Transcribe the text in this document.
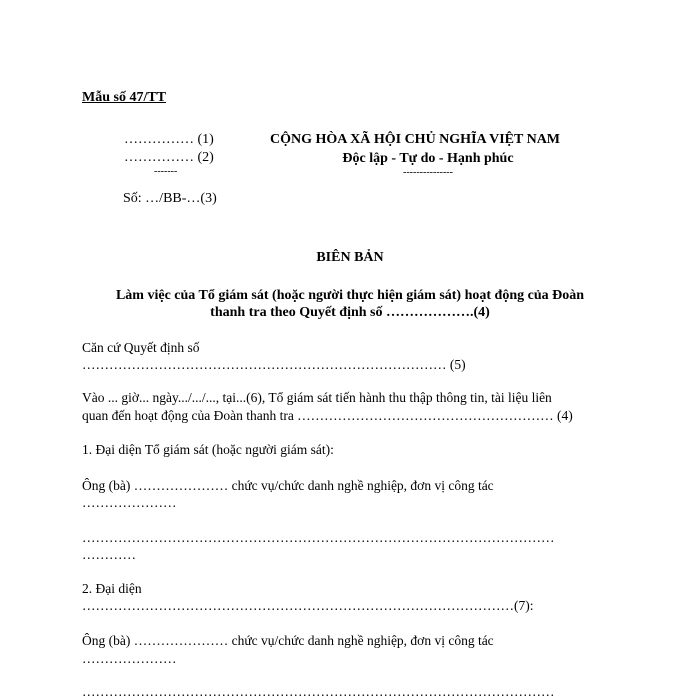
Mẫu số 47/TT
…………… (1)
…………… (2)
-------
Số: …/BB-…(3)
CỘNG HÒA XÃ HỘI CHỦ NGHĨA VIỆT NAM
Độc lập - Tự do - Hạnh phúc
---------------
BIÊN BẢN
Làm việc của Tổ giám sát (hoặc người thực hiện giám sát) hoạt động của Đoàn
thanh tra theo Quyết định số ……………….(4)
Căn cứ Quyết định số
……………………………………………………………………… (5)
Vào ... giờ... ngày.../.../..., tại...(6), Tổ giám sát tiến hành thu thập thông tin, tài liệu liên
quan đến hoạt động của Đoàn thanh tra ………………………………………………… (4)
1. Đại diện Tổ giám sát (hoặc người giám sát):
Ông (bà) ………………… chức vụ/chức danh nghề nghiệp, đơn vị công tác
…………………
……………………………………………………………………………………………
…………
2. Đại diện
……………………………………………………………………………………(7):
Ông (bà) ………………… chức vụ/chức danh nghề nghiệp, đơn vị công tác
…………………
……………………………………………………………………………………………
